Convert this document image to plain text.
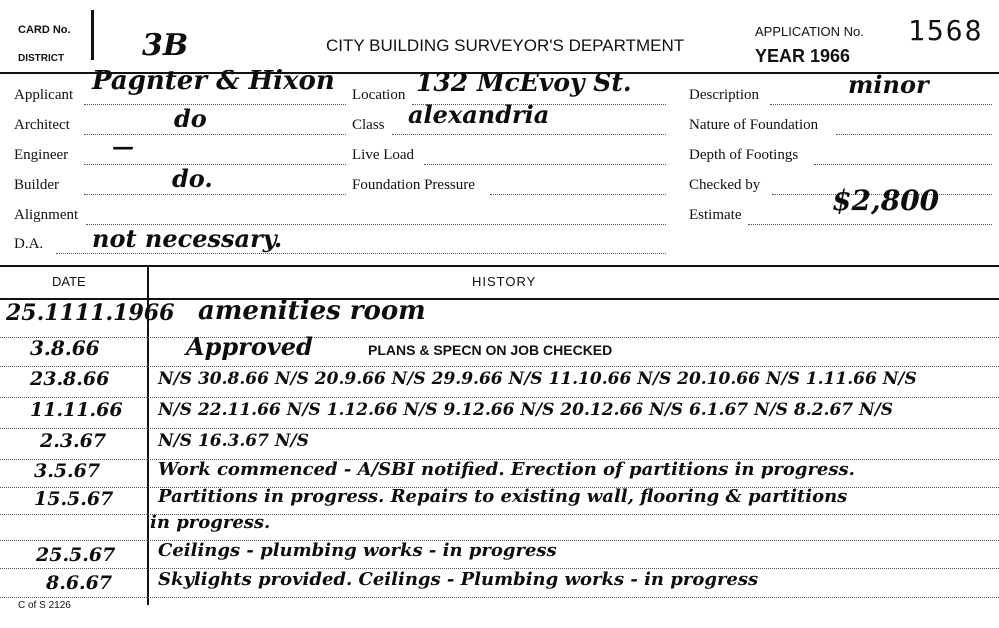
CARD No.
DISTRICT	3B	CITY BUILDING SURVEYOR'S DEPARTMENT
APPLICATION No. 1568
YEAR 1966
Applicant Pagnter & Hixon
Architect	do
Engineer —
Builder	do.
Alignment
D.A. not necessary.
Location 132 McEvoy St.
Class alexandria
Live Load
Foundation Pressure
Description	minor
Nature of Foundation
Depth of Footings
Checked by
Estimate	$2,800
DATE	HISTORY
25.1111.1966 amenities room
3.8.66	Approved	PLANS & SPECN ON JOB CHECKED
23.8.66	N/S 30.8.66 N/S 20.9.66 N/S 29.9.66 N/S 11.10.66 N/S 20.10.66 N/S 1.11.66 N/S
11.11.66 N/S 22.11.66 N/S 1.12.66 N/S 9.12.66 N/S 20.12.66 N/S 6.1.67 N/S 8.2.67 N/S
2.3.67	N/S 16.3.67 N/S
3.5.67	Work commenced - A/SBI notified. Erection of partitions in progress.
15.5.67 Partitions in progress. Repairs to existing wall, flooring & partitions
in progress.
25.5.67 Ceilings - plumbing works - in progress
8.6.67	Skylights provided. Ceilings - Plumbing works - in progress
C of S 2126
